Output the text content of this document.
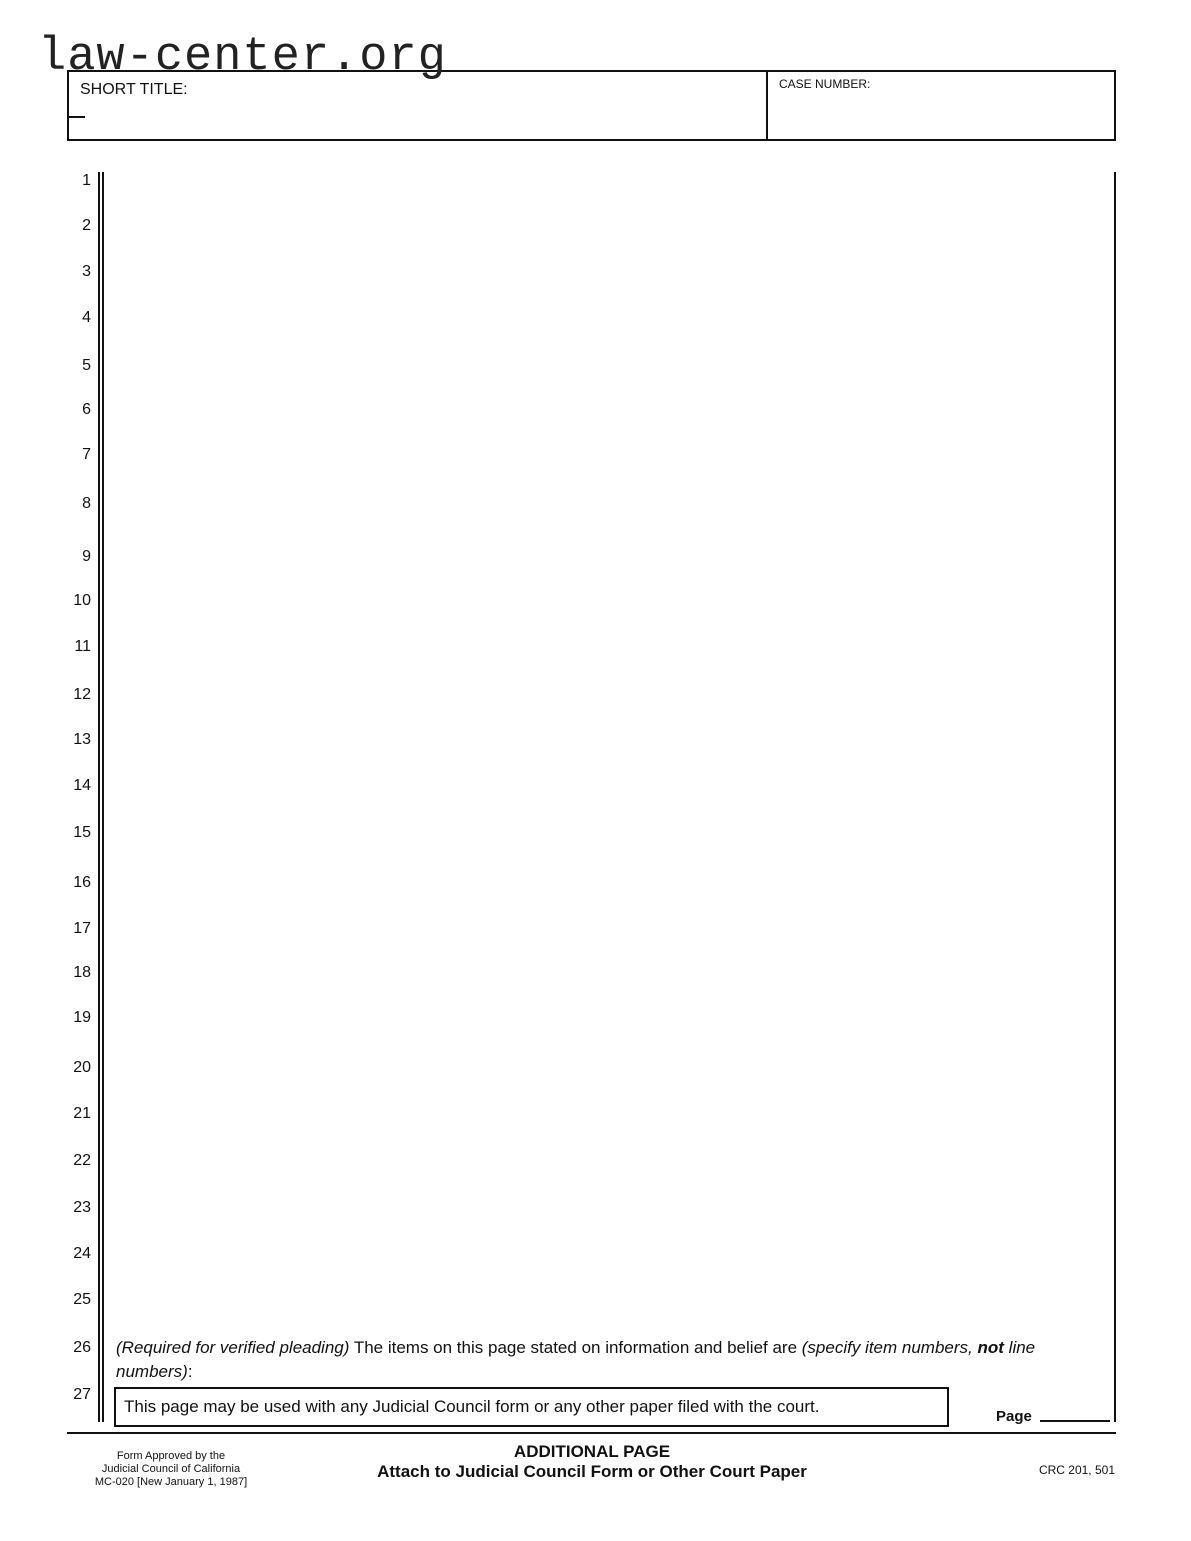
law-center.org
SHORT TITLE:	CASE NUMBER:
1
2
3
4
5
6
7
8
9
10
11
12
13
14
15
16
17
18
19
20
21
22
23
24
25
26
27
(Required for verified pleading) The items on this page stated on information and belief are (specify item numbers, not line numbers):
This page may be used with any Judicial Council form or any other paper filed with the court.
Page
Form Approved by the
Judicial Council of California
MC-020 [New January 1, 1987]
ADDITIONAL PAGE
Attach to Judicial Council Form or Other Court Paper	CRC 201, 501
